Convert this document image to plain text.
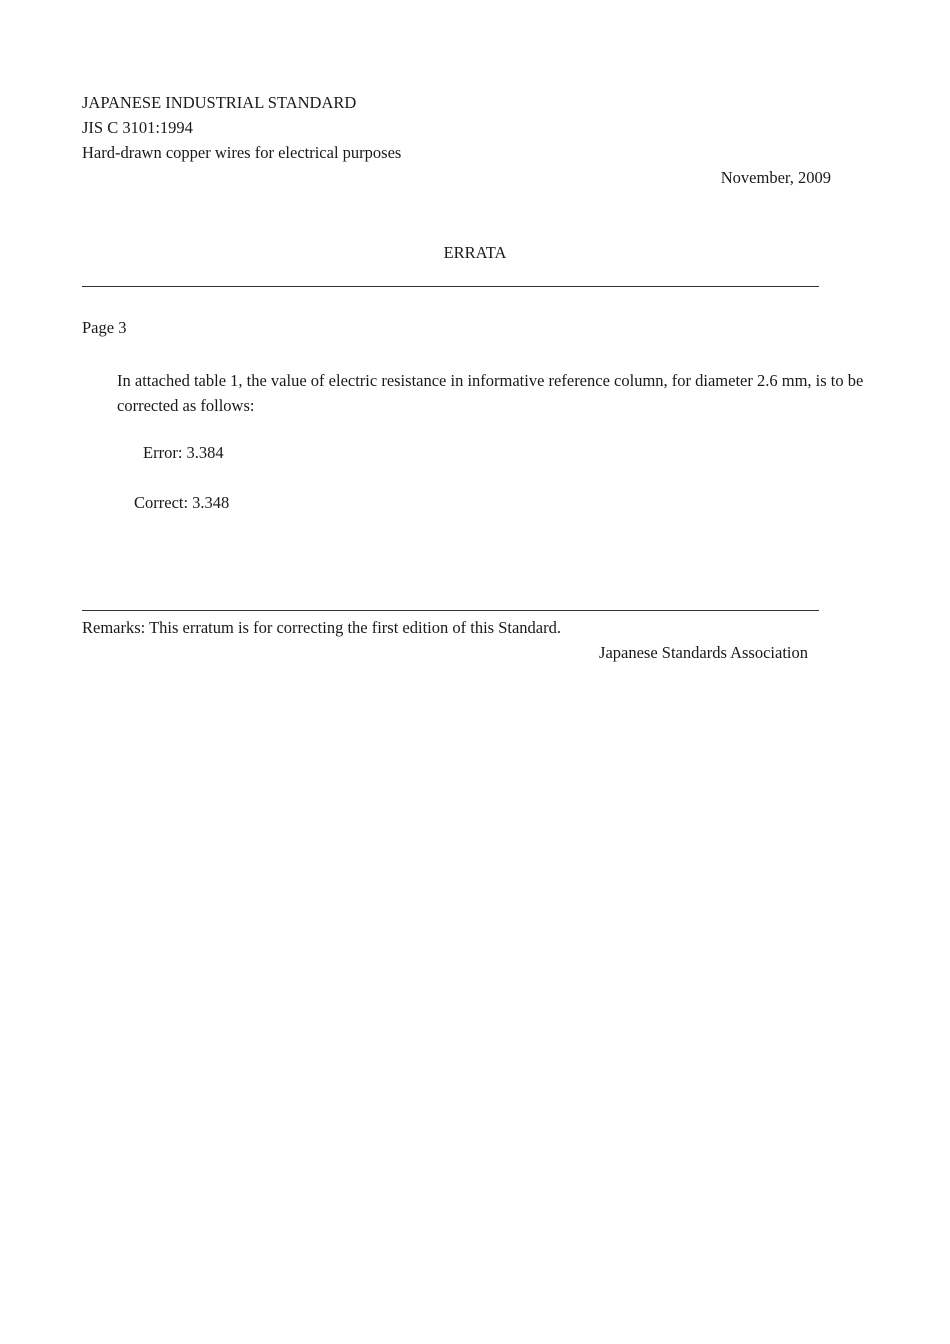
JAPANESE INDUSTRIAL STANDARD
JIS C 3101:1994
Hard-drawn copper wires for electrical purposes
November, 2009
ERRATA
Page 3
In attached table 1, the value of electric resistance in informative reference column, for diameter 2.6 mm, is to be corrected as follows:
Error: 3.384
Correct: 3.348
Remarks: This erratum is for correcting the first edition of this Standard.
Japanese Standards Association
